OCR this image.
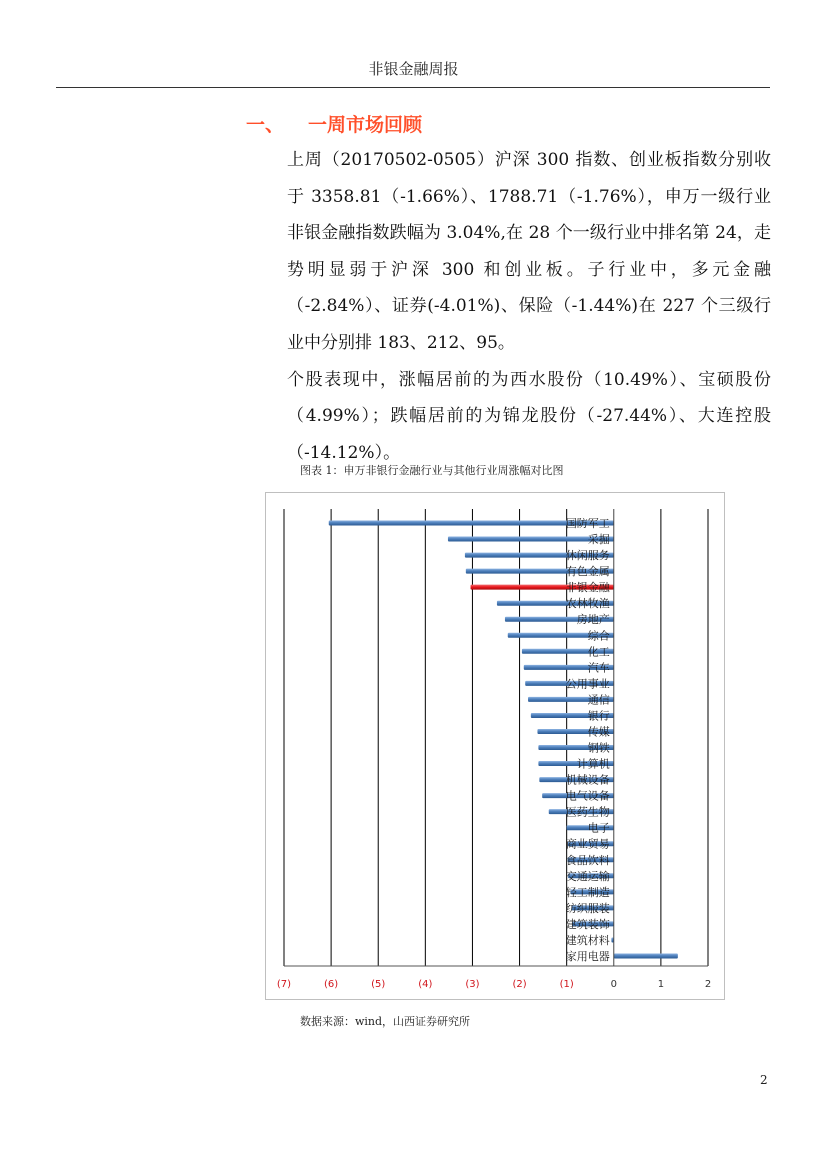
非银金融周报
一、 一周市场回顾

上周（20170502-0505）沪深 300 指数、创业板指数分别收于 3358.81（-1.66%）、1788.71（-1.76%），申万一级行业非银金融指数跌幅为 3.04%,在 28 个一级行业中排名第 24，走势明显弱于沪深 300 和创业板。子行业中，多元金融（-2.84%）、证券(-4.01%)、保险（-1.44%)在 227 个三级行业中分别排 183、212、95。

个股表现中，涨幅居前的为西水股份（10.49%）、宝硕股份（4.99%）；跌幅居前的为锦龙股份（-27.44%）、大连控股（-14.12%）。

图表 1：申万非银行金融行业与其他行业周涨幅对比图
(7)	(6)	(5)	(4)	(3)	(2)	(1)	0	1	2
国防军工
采掘
休闲服务
有色金属
非银金融
农林牧渔
房地产
综合
化工
汽车
公用事业
通信
银行
传媒
钢铁
计算机
机械设备
电气设备
医药生物
电子
商业贸易
食品饮料
交通运输
轻工制造
纺织服装
建筑装饰
建筑材料
家用电器
数据来源：wind，山西证券研究所
2
